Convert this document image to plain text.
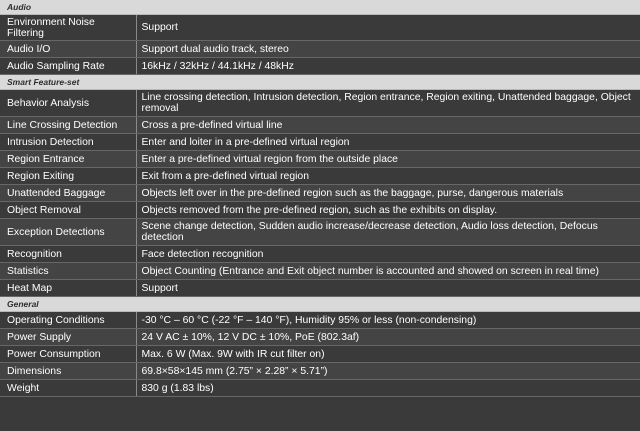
Audio	
Environment Noise Filtering	Support
Audio I/O	Support dual audio track, stereo
Audio Sampling Rate	16kHz / 32kHz / 44.1kHz / 48kHz
Smart Feature-set	
Behavior Analysis	Line crossing detection, Intrusion detection, Region entrance, Region exiting, Unattended baggage, Object removal
Line Crossing Detection	Cross a pre-defined virtual line
Intrusion Detection	Enter and loiter in a pre-defined virtual region
Region Entrance	Enter a pre-defined virtual region from the outside place
Region Exiting	Exit from a pre-defined virtual region
Unattended Baggage	Objects left over in the pre-defined region such as the baggage, purse, dangerous materials
Object Removal	Objects removed from the pre-defined region, such as the exhibits on display.
Exception Detections	Scene change detection, Sudden audio increase/decrease detection, Audio loss detection, Defocus detection
Recognition	Face detection recognition
Statistics	Object Counting (Entrance and Exit object number is accounted and showed on screen in real time)
Heat Map	Support
General	
Operating Conditions	-30 °C – 60 °C (-22 °F – 140 °F), Humidity 95% or less (non-condensing)
Power Supply	24 V AC ± 10%, 12 V DC ± 10%, PoE (802.3af)
Power Consumption	Max. 6 W (Max. 9W with IR cut filter on)
Dimensions	69.8×58×145 mm (2.75” × 2.28” × 5.71”)
Weight	830 g (1.83 lbs)
